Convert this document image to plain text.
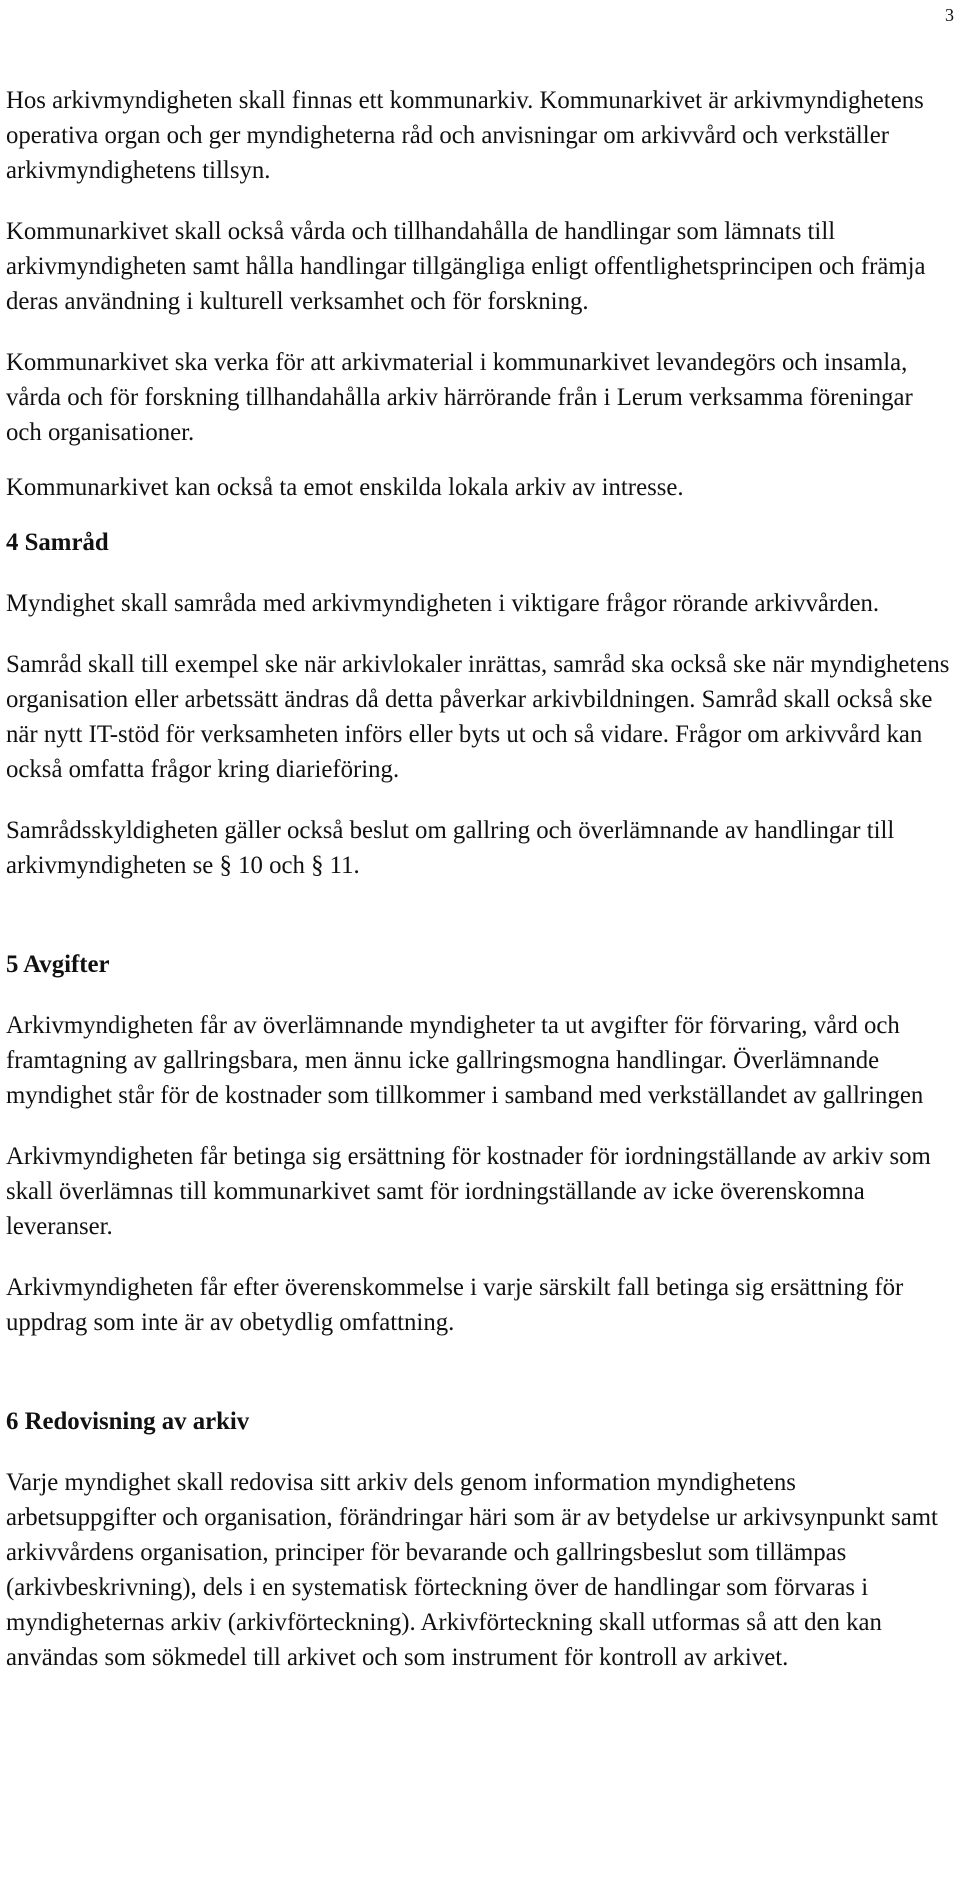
3

Hos arkivmyndigheten skall finnas ett kommunarkiv. Kommunarkivet är arkivmyndighetens operativa organ och ger myndigheterna råd och anvisningar om arkivvård och verkställer arkivmyndighetens tillsyn.

Kommunarkivet skall också vårda och tillhandahålla de handlingar som lämnats till arkivmyndigheten samt hålla handlingar tillgängliga enligt offentlighetsprincipen och främja deras användning i kulturell verksamhet och för forskning.

Kommunarkivet ska verka för att arkivmaterial i kommunarkivet levandegörs och insamla, vårda och för forskning tillhandahålla arkiv härrörande från i Lerum verksamma föreningar och organisationer.

Kommunarkivet kan också ta emot enskilda lokala arkiv av intresse.

4 Samråd

Myndighet skall samråda med arkivmyndigheten i viktigare frågor rörande arkivvården.

Samråd skall till exempel ske när arkivlokaler inrättas, samråd ska också ske när myndighetens organisation eller arbetssätt ändras då detta påverkar arkivbildningen. Samråd skall också ske när nytt IT-stöd för verksamheten införs eller byts ut och så vidare. Frågor om arkivvård kan också omfatta frågor kring diarieföring.

Samrådsskyldigheten gäller också beslut om gallring och överlämnande av handlingar till arkivmyndigheten se § 10 och § 11.

5 Avgifter

Arkivmyndigheten får av överlämnande myndigheter ta ut avgifter för förvaring, vård och framtagning av gallringsbara, men ännu icke gallringsmogna handlingar. Överlämnande myndighet står för de kostnader som tillkommer i samband med verkställandet av gallringen

Arkivmyndigheten får betinga sig ersättning för kostnader för iordningställande av arkiv som skall överlämnas till kommunarkivet samt för iordningställande av icke överenskomna leveranser.

Arkivmyndigheten får efter överenskommelse i varje särskilt fall betinga sig ersättning för uppdrag som inte är av obetydlig omfattning.

6 Redovisning av arkiv

Varje myndighet skall redovisa sitt arkiv dels genom information myndighetens arbetsuppgifter och organisation, förändringar häri som är av betydelse ur arkivsynpunkt samt arkivvårdens organisation, principer för bevarande och gallringsbeslut som tillämpas (arkivbeskrivning), dels i en systematisk förteckning över de handlingar som förvaras i myndigheternas arkiv (arkivförteckning). Arkivförteckning skall utformas så att den kan användas som sökmedel till arkivet och som instrument för kontroll av arkivet.
